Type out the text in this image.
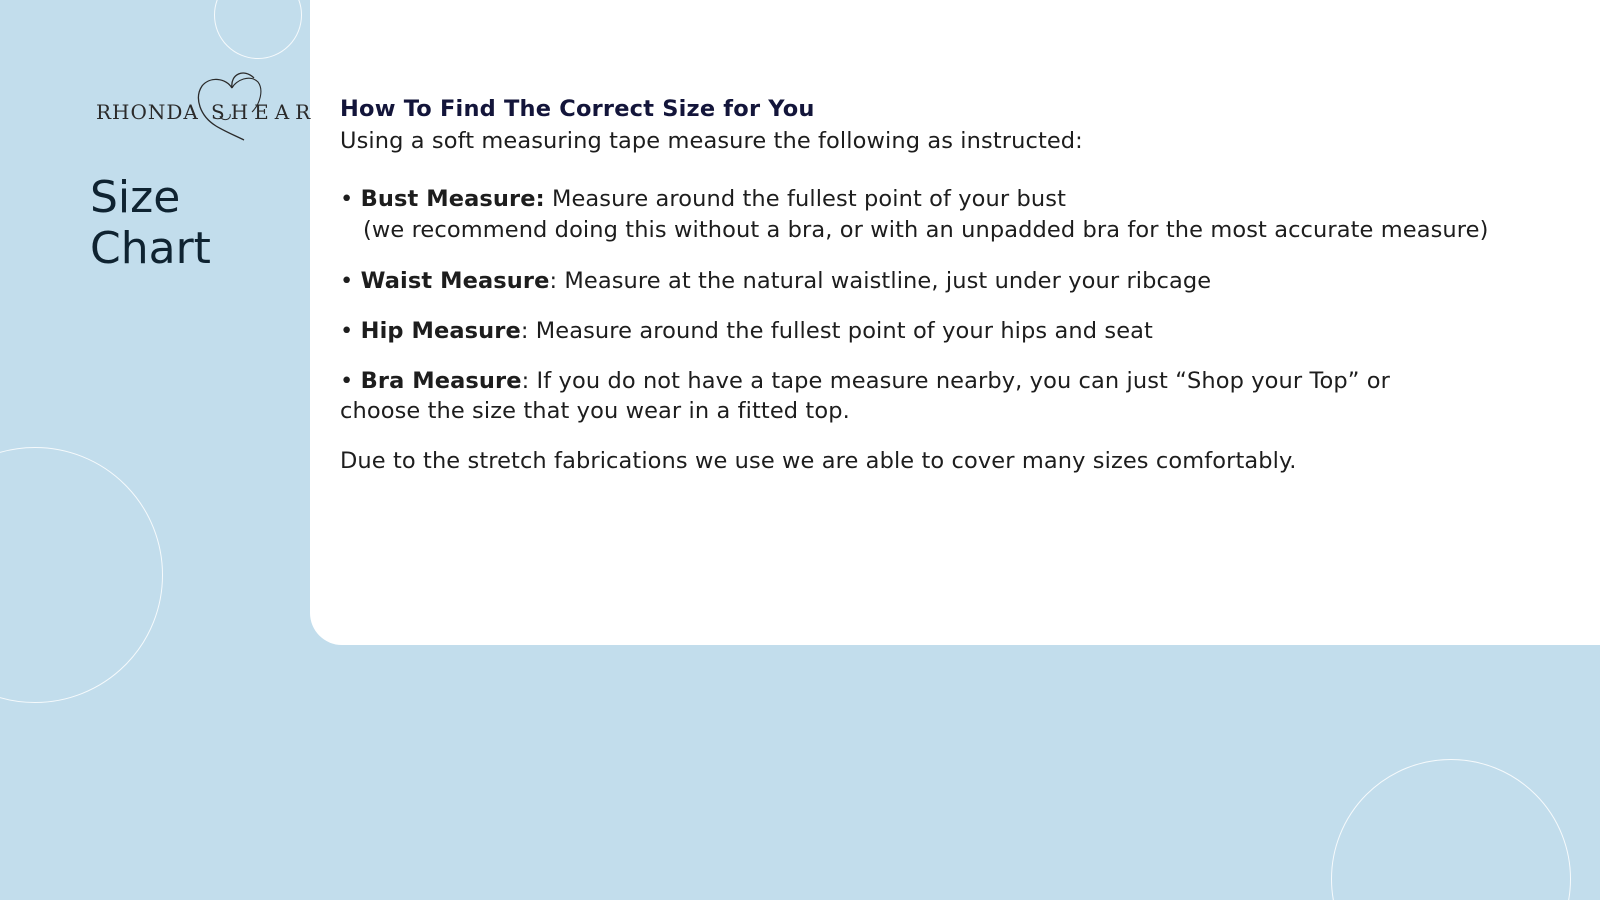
RHONDA SHEAR
Size
Chart

How To Find The Correct Size for You

Using a soft measuring tape measure the following as instructed:

• Bust Measure: Measure around the fullest point of your bust
(we recommend doing this without a bra, or with an unpadded bra for the most accurate measure)

• Waist Measure: Measure at the natural waistline, just under your ribcage

• Hip Measure: Measure around the fullest point of your hips and seat

• Bra Measure: If you do not have a tape measure nearby, you can just “Shop your Top” or
choose the size that you wear in a fitted top.

Due to the stretch fabrications we use we are able to cover many sizes comfortably.
